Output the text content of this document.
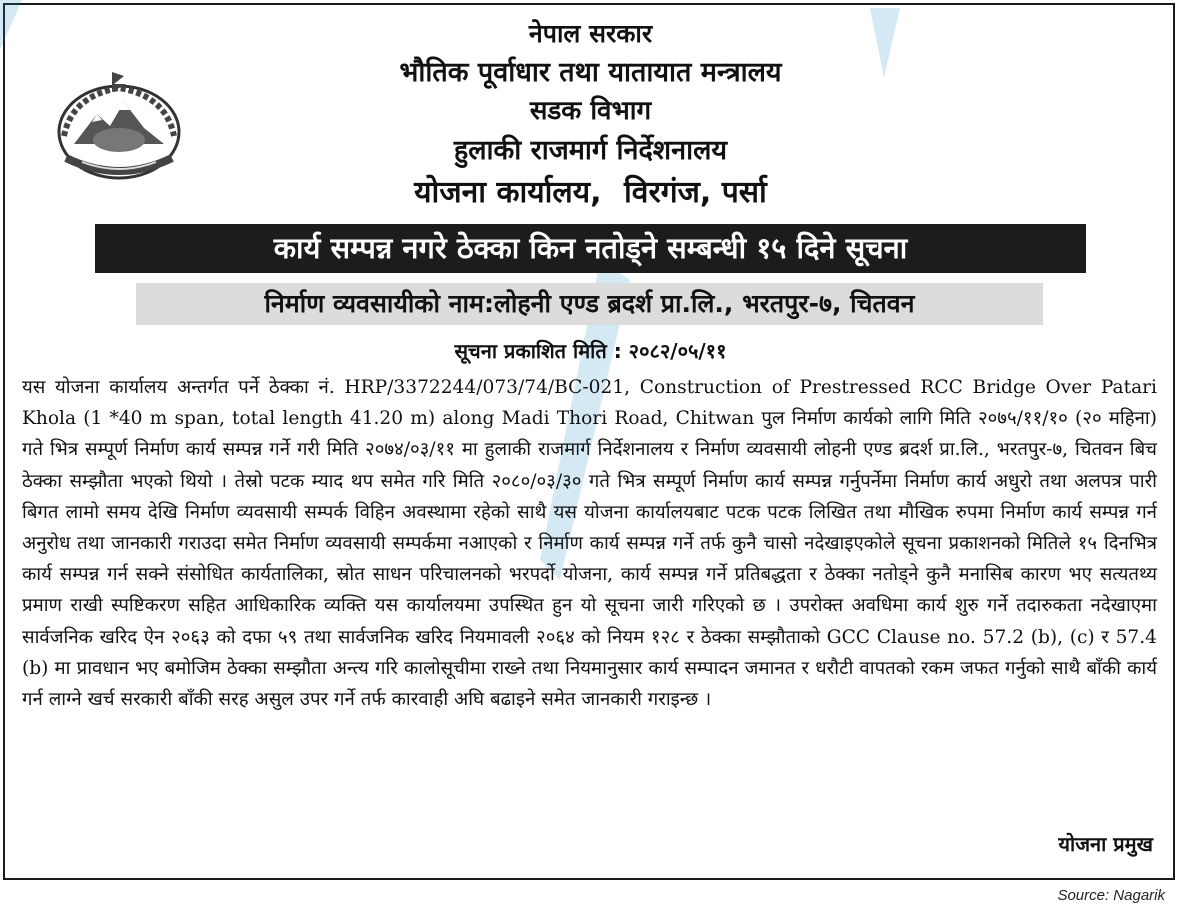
नेपाल सरकार
भौतिक पूर्वाधार तथा यातायात मन्त्रालय
सडक विभाग
हुलाकी राजमार्ग निर्देशनालय
योजना कार्यालय, विरगंज, पर्सा
कार्य सम्पन्न नगरे ठेक्का किन नतोड्ने सम्बन्धी १५ दिने सूचना
निर्माण व्यवसायीको नाम:लोहनी एण्ड ब्रदर्श प्रा.लि., भरतपुर-७, चितवन
सूचना प्रकाशित मिति : २०८२/०५/११
यस योजना कार्यालय अन्तर्गत पर्ने ठेक्का नं. HRP/3372244/073/74/BC-021, Construction of Prestressed RCC Bridge Over Patari Khola (1 *40 m span, total length 41.20 m) along Madi Thori Road, Chitwan पुल निर्माण कार्यको लागि मिति २०७५/११/१० (२० महिना) गते भित्र सम्पूर्ण निर्माण कार्य सम्पन्न गर्ने गरी मिति २०७४/०३/११ मा हुलाकी राजमार्ग निर्देशनालय र निर्माण व्यवसायी लोहनी एण्ड ब्रदर्श प्रा.लि., भरतपुर-७, चितवन बिच ठेक्का सम्झौता भएको थियो । तेस्रो पटक म्याद थप समेत गरि मिति २०८०/०३/३० गते भित्र सम्पूर्ण निर्माण कार्य सम्पन्न गर्नुपर्नेमा निर्माण कार्य अधुरो तथा अलपत्र पारी बिगत लामो समय देखि निर्माण व्यवसायी सम्पर्क विहिन अवस्थामा रहेको साथै यस योजना कार्यालयबाट पटक पटक लिखित तथा मौखिक रुपमा निर्माण कार्य सम्पन्न गर्न अनुरोध तथा जानकारी गराउदा समेत निर्माण व्यवसायी सम्पर्कमा नआएको र निर्माण कार्य सम्पन्न गर्ने तर्फ कुनै चासो नदेखाइएकोले सूचना प्रकाशनको मितिले १५ दिनभित्र कार्य सम्पन्न गर्न सक्ने संसोधित कार्यतालिका, स्रोत साधन परिचालनको भरपर्दो योजना, कार्य सम्पन्न गर्ने प्रतिबद्धता र ठेक्का नतोड्ने कुनै मनासिब कारण भए सत्यतथ्य प्रमाण राखी स्पष्टिकरण सहित आधिकारिक व्यक्ति यस कार्यालयमा उपस्थित हुन यो सूचना जारी गरिएको छ । उपरोक्त अवधिमा कार्य शुरु गर्ने तदारुकता नदेखाएमा सार्वजनिक खरिद ऐन २०६३ को दफा ५९ तथा सार्वजनिक खरिद नियमावली २०६४ को नियम १२८ र ठेक्का सम्झौताको GCC Clause no. 57.2 (b), (c) र 57.4 (b) मा प्रावधान भए बमोजिम ठेक्का सम्झौता अन्त्य गरि कालोसूचीमा राख्ने तथा नियमानुसार कार्य सम्पादन जमानत र धरौटी वापतको रकम जफत गर्नुको साथै बाँकी कार्य गर्न लाग्ने खर्च सरकारी बाँकी सरह असुल उपर गर्ने तर्फ कारवाही अघि बढाइने समेत जानकारी गराइन्छ ।
योजना प्रमुख
Source: Nagarik
